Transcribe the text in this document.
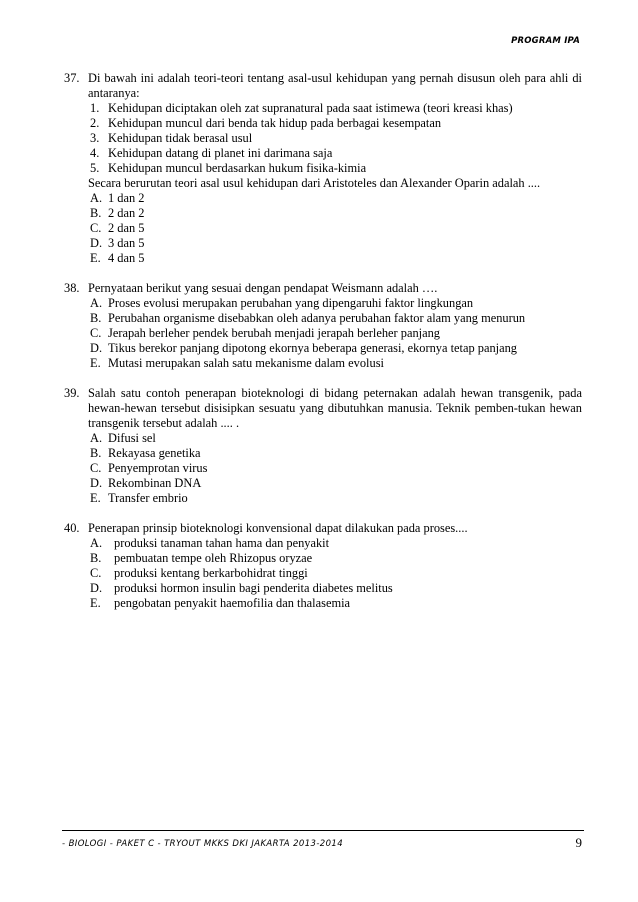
PROGRAM IPA
37. Di bawah ini adalah teori-teori tentang asal-usul kehidupan yang pernah disusun oleh para ahli di antaranya:
1. Kehidupan diciptakan oleh zat supranatural pada saat istimewa (teori kreasi khas)
2. Kehidupan muncul dari benda tak hidup pada berbagai kesempatan
3. Kehidupan tidak berasal usul
4. Kehidupan datang di planet ini darimana saja
5. Kehidupan muncul berdasarkan hukum fisika-kimia
Secara berurutan teori asal usul kehidupan dari Aristoteles dan Alexander Oparin adalah ....
A. 1 dan 2
B. 2 dan 2
C. 2 dan 5
D. 3 dan 5
E. 4 dan 5
38. Pernyataan berikut yang sesuai dengan pendapat Weismann adalah ….
A. Proses evolusi merupakan perubahan yang dipengaruhi faktor lingkungan
B. Perubahan organisme disebabkan oleh adanya perubahan faktor alam yang menurun
C. Jerapah berleher pendek berubah menjadi jerapah berleher panjang
D. Tikus berekor panjang dipotong ekornya beberapa generasi, ekornya tetap panjang
E. Mutasi merupakan salah satu mekanisme dalam evolusi
39. Salah satu contoh penerapan bioteknologi di bidang peternakan adalah hewan transgenik, pada hewan-hewan tersebut disisipkan sesuatu yang dibutuhkan manusia. Teknik pemben-tukan hewan transgenik tersebut adalah .... .
A. Difusi sel
B. Rekayasa genetika
C. Penyemprotan virus
D. Rekombinan DNA
E. Transfer embrio
40. Penerapan prinsip bioteknologi konvensional dapat dilakukan pada proses....
A. produksi tanaman tahan hama dan penyakit
B.	pembuatan tempe oleh Rhizopus oryzae
C.	produksi kentang berkarbohidrat tinggi
D. produksi hormon insulin bagi penderita diabetes melitus
E.	pengobatan penyakit haemofilia dan thalasemia
- BIOLOGI - PAKET C - TRYOUT MKKS DKI JAKARTA 2013-2014	9
